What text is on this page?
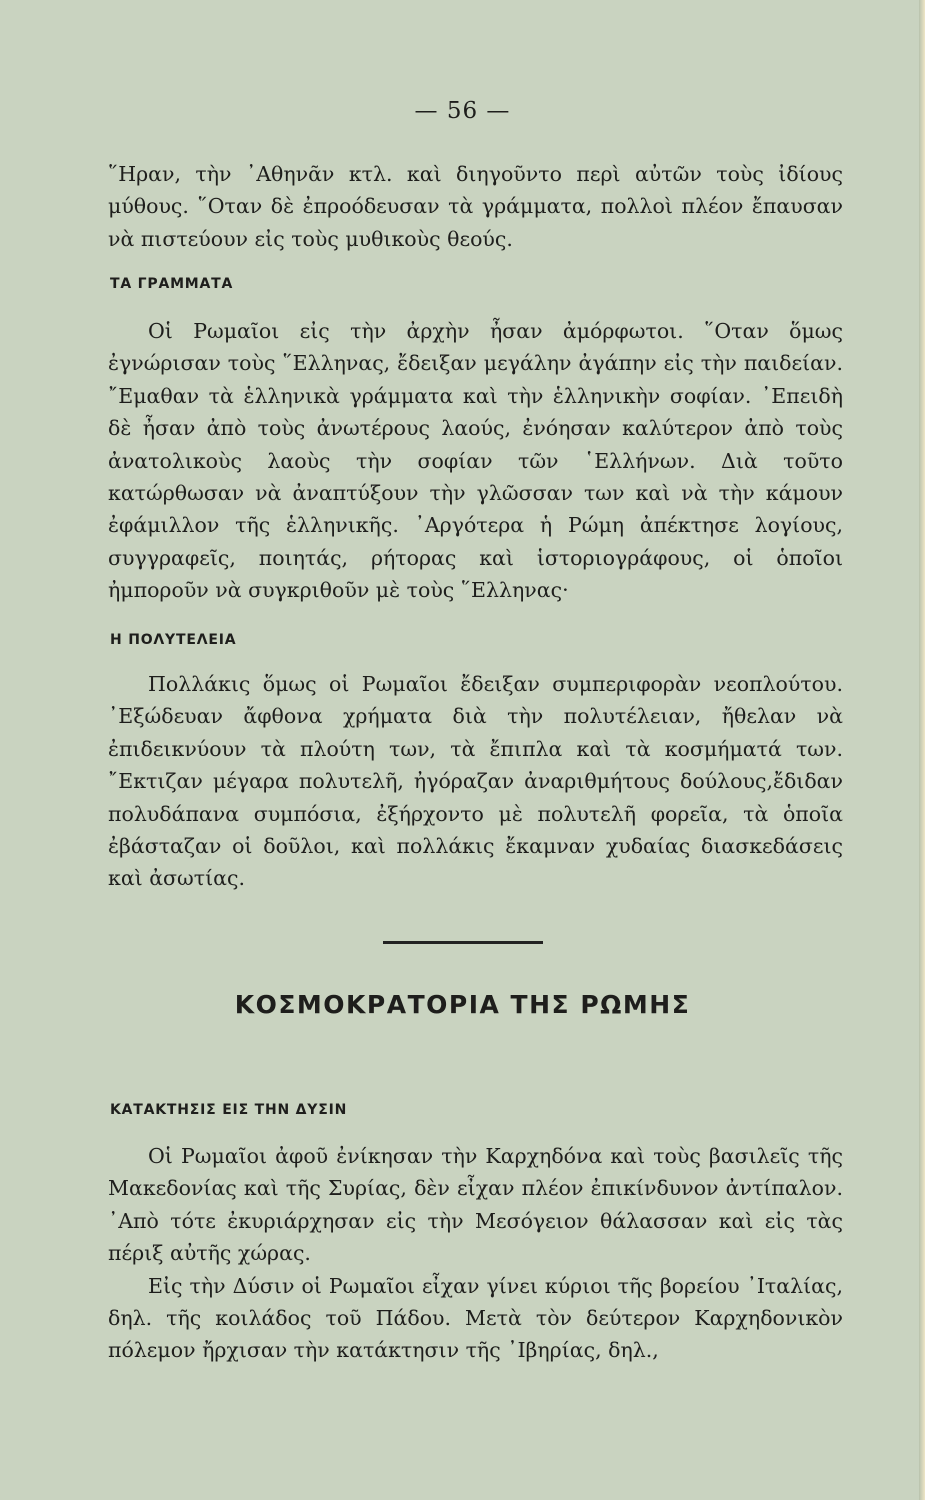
— 56 —

῞Ηραν, τὴν ᾿Αθηνᾶν κτλ. καὶ διηγοῦντο περὶ αὐτῶν τοὺς ἰδίους μύθους. ῞Οταν δὲ ἐπροόδευσαν τὰ γράμματα, πολλοὶ πλέον ἔπαυσαν νὰ πιστεύουν εἰς τοὺς μυθικοὺς θεούς.

ΤΑ ΓΡΑΜΜΑΤΑ

Οἱ Ρωμαῖοι εἰς τὴν ἀρχὴν ἦσαν ἀμόρφωτοι. ῞Οταν ὅμως ἐγνώρισαν τοὺς ῞Ελληνας, ἔδειξαν μεγάλην ἀγάπην εἰς τὴν παιδείαν. ῎Εμαθαν τὰ ἑλληνικὰ γράμματα καὶ τὴν ἑλληνικὴν σοφίαν. ᾿Επειδὴ δὲ ἦσαν ἀπὸ τοὺς ἀνωτέρους λαούς, ἐνόησαν καλύτερον ἀπὸ τοὺς ἀνατολικοὺς λαοὺς τὴν σοφίαν τῶν ῾Ελλήνων. Διὰ τοῦτο κατώρθωσαν νὰ ἀναπτύξουν τὴν γλῶσσαν των καὶ νὰ τὴν κάμουν ἐφάμιλλον τῆς ἑλληνικῆς. ᾿Αργότερα ἡ Ρώμη ἀπέκτησε λογίους, συγγραφεῖς, ποιητάς, ρήτορας καὶ ἱστοριογράφους, οἱ ὁποῖοι ἠμποροῦν νὰ συγκριθοῦν μὲ τοὺς ῞Ελληνας·

Η ΠΟΛΥΤΕΛΕΙΑ

Πολλάκις ὅμως οἱ Ρωμαῖοι ἔδειξαν συμπεριφορὰν νεοπλούτου. ᾿Εξώδευαν ἄφθονα χρήματα διὰ τὴν πολυτέλειαν, ἤθελαν νὰ ἐπιδεικνύουν τὰ πλούτη των, τὰ ἔπιπλα καὶ τὰ κοσμήματά των. ῎Εκτιζαν μέγαρα πολυτελῆ, ἠγόραζαν ἀναριθμήτους δούλους,ἔδιδαν πολυδάπανα συμπόσια, ἐξήρχοντο μὲ πολυτελῆ φορεῖα, τὰ ὁποῖα ἐβάσταζαν οἱ δοῦλοι, καὶ πολλάκις ἔκαμναν χυδαίας διασκεδάσεις καὶ ἀσωτίας.

ΚΟΣΜΟΚΡΑΤΟΡΙΑ ΤΗΣ ΡΩΜΗΣ
ΚΑΤΑΚΤΗΣΙΣ ΕΙΣ ΤΗΝ ΔΥΣΙΝ

Οἱ Ρωμαῖοι ἀφοῦ ἐνίκησαν τὴν Καρχηδόνα καὶ τοὺς βασιλεῖς τῆς Μακεδονίας καὶ τῆς Συρίας, δὲν εἶχαν πλέον ἐπικίνδυνον ἀντίπαλον. ᾿Απὸ τότε ἐκυριάρχησαν εἰς τὴν Μεσόγειον θάλασσαν καὶ εἰς τὰς πέριξ αὐτῆς χώρας.

Εἰς τὴν Δύσιν οἱ Ρωμαῖοι εἶχαν γίνει κύριοι τῆς βορείου ᾿Ιταλίας, δηλ. τῆς κοιλάδος τοῦ Πάδου. Μετὰ τὸν δεύτερον Καρχηδονικὸν πόλεμον ἤρχισαν τὴν κατάκτησιν τῆς ᾿Ιβηρίας, δηλ.,
